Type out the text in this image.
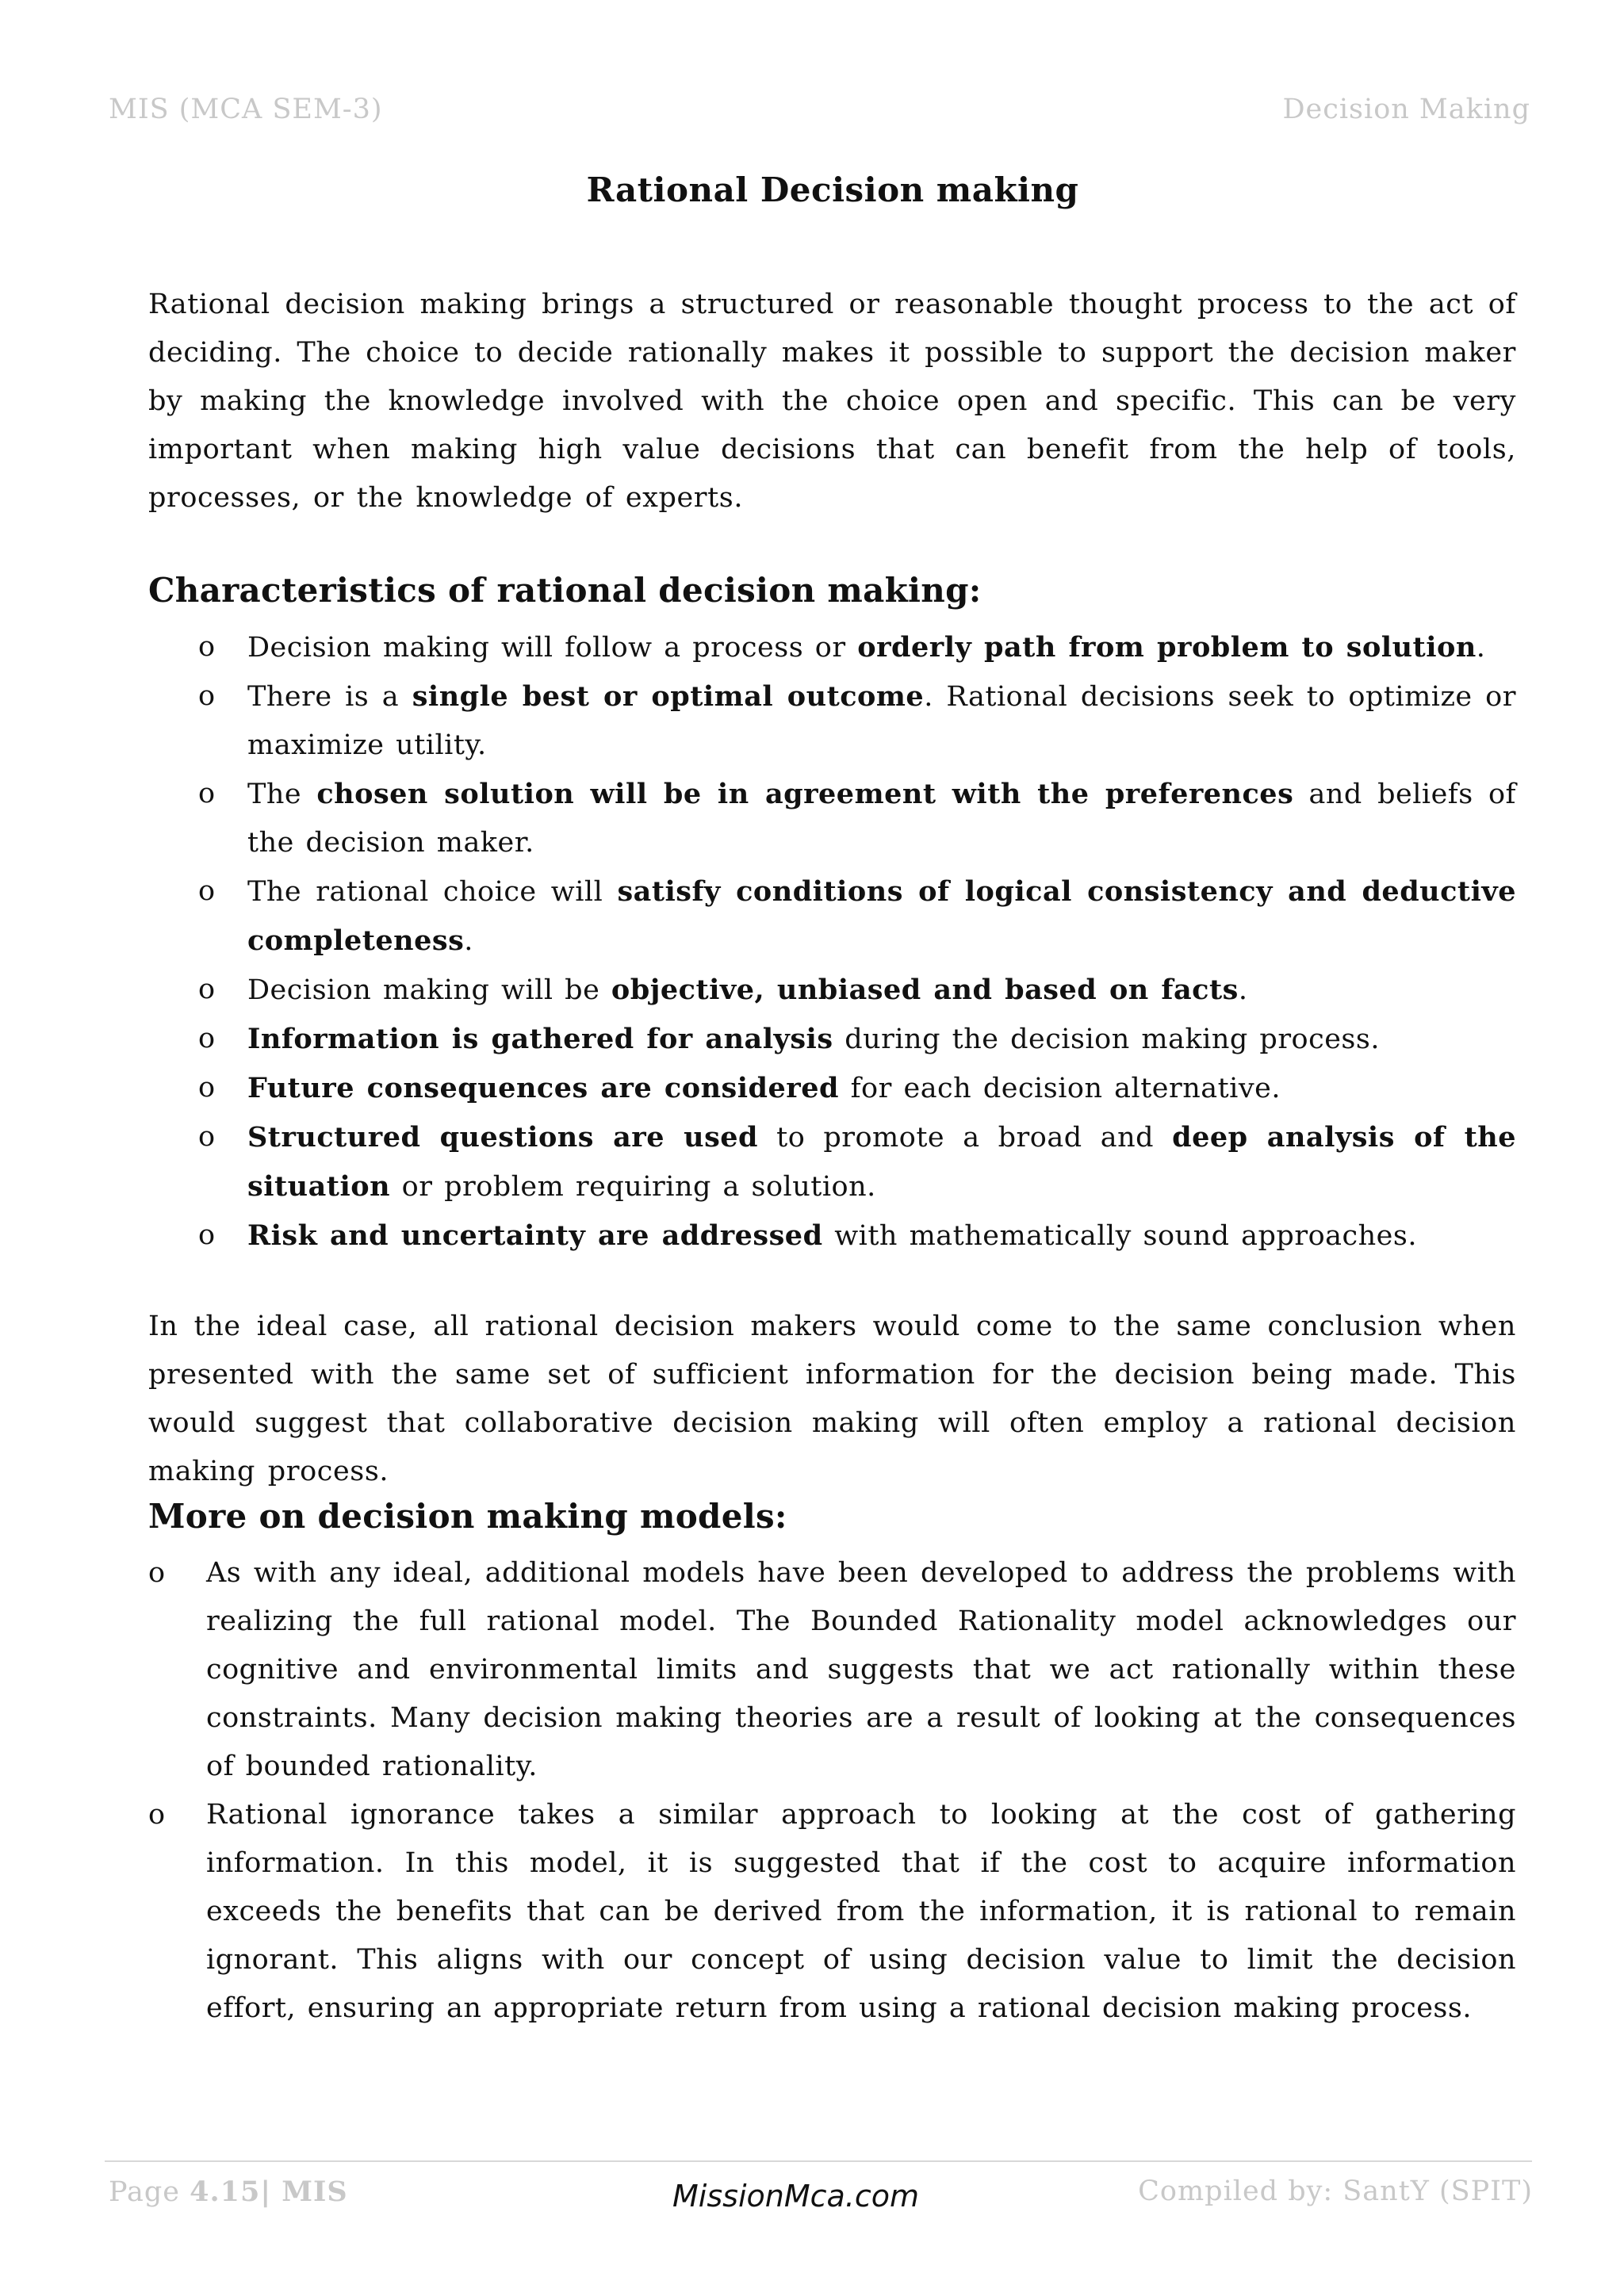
MIS (MCA SEM-3)	Decision Making
Rational Decision making

Rational decision making brings a structured or reasonable thought process to the act of deciding. The choice to decide rationally makes it possible to support the decision maker by making the knowledge involved with the choice open and specific. This can be very important when making high value decisions that can benefit from the help of tools, processes, or the knowledge of experts.

Characteristics of rational decision making:
o Decision making will follow a process or orderly path from problem to solution.
o There is a single best or optimal outcome. Rational decisions seek to optimize or maximize utility.
o The chosen solution will be in agreement with the preferences and beliefs of the decision maker.
o The rational choice will satisfy conditions of logical consistency and deductive completeness.
o Decision making will be objective, unbiased and based on facts.
o Information is gathered for analysis during the decision making process.
o Future consequences are considered for each decision alternative.
o Structured questions are used to promote a broad and deep analysis of the situation or problem requiring a solution.
o Risk and uncertainty are addressed with mathematically sound approaches.

In the ideal case, all rational decision makers would come to the same conclusion when presented with the same set of sufficient information for the decision being made. This would suggest that collaborative decision making will often employ a rational decision making process.

More on decision making models:
o As with any ideal, additional models have been developed to address the problems with realizing the full rational model. The Bounded Rationality model acknowledges our cognitive and environmental limits and suggests that we act rationally within these constraints. Many decision making theories are a result of looking at the consequences of bounded rationality.
o Rational ignorance takes a similar approach to looking at the cost of gathering information. In this model, it is suggested that if the cost to acquire information exceeds the benefits that can be derived from the information, it is rational to remain ignorant. This aligns with our concept of using decision value to limit the decision effort, ensuring an appropriate return from using a rational decision making process.
Page 4.15| MIS	MissionMca.com	Compiled by: SantY (SPIT)
